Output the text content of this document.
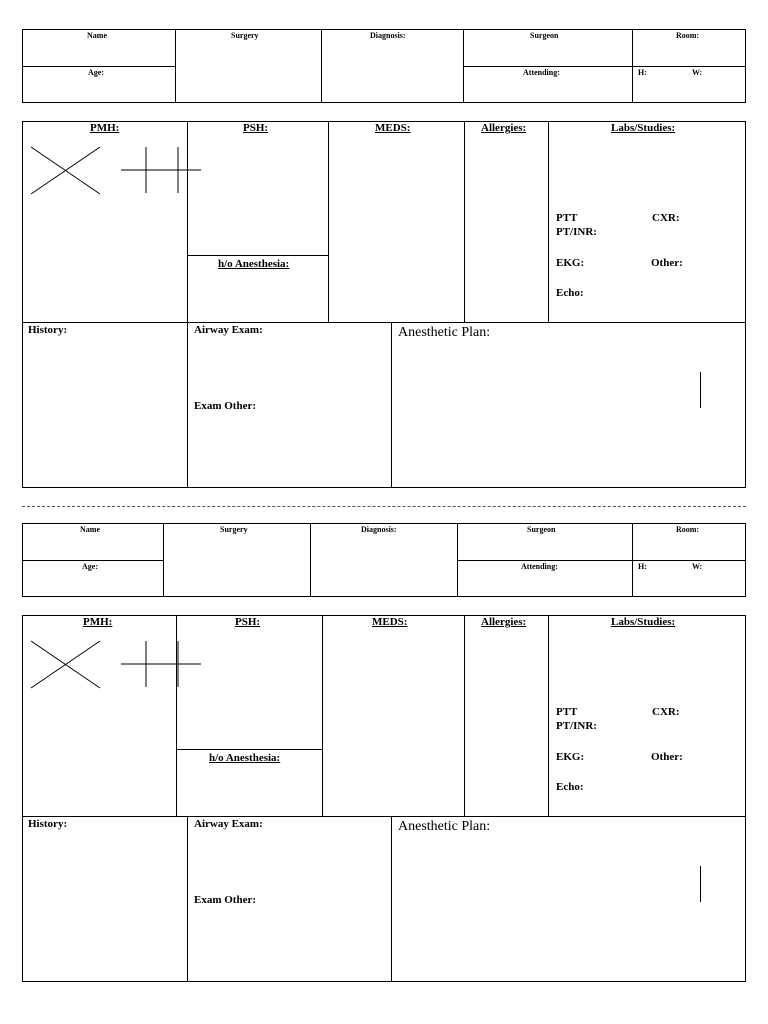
Name	Surgery	Diagnosis:	Surgeon	Room:
Age:	Attending:	H:	W:
PMH:	PSH:	MEDS:	Allergies:	Labs/Studies:
PTT	CXR:
PT/INR:
EKG:	Other:
Echo:
h/o Anesthesia:
History:	Airway Exam:
Exam Other:
Anesthetic Plan:
Name	Surgery	Diagnosis:	Surgeon	Room:
Age:	Attending:	H:	W:
PMH:	PSH:	MEDS:	Allergies:	Labs/Studies:
PTT	CXR:
PT/INR:
EKG:	Other:
Echo:
h/o Anesthesia:
History:	Airway Exam:
Exam Other:
Anesthetic Plan:
